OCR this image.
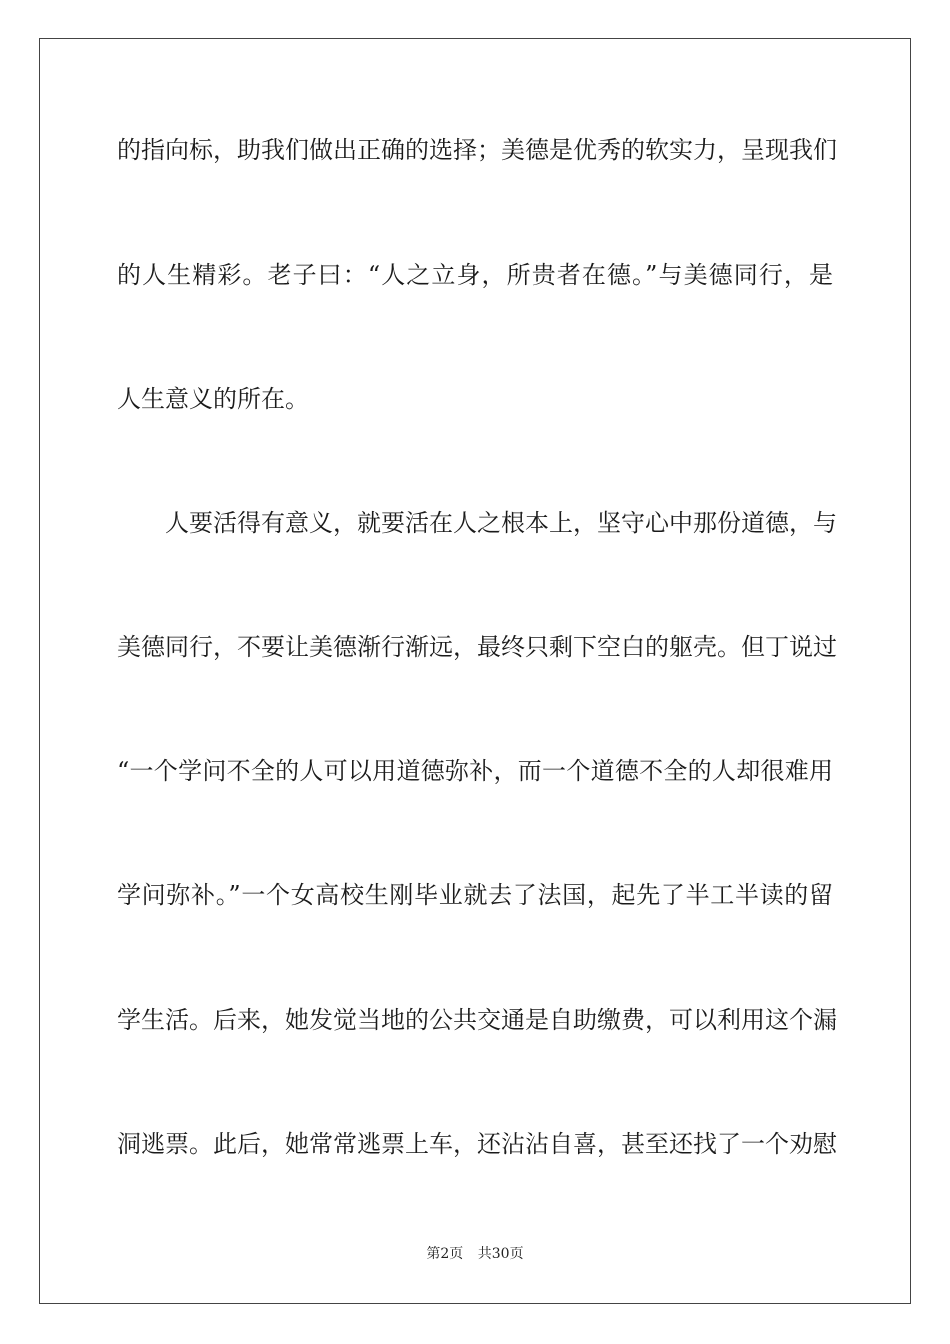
的指向标，助我们做出正确的选择；美德是优秀的软实力，呈现我们
的人生精彩。老子曰：“人之立身，所贵者在德。”与美德同行，是
人生意义的所在。
人要活得有意义，就要活在人之根本上，坚守心中那份道德，与
美德同行，不要让美德渐行渐远，最终只剩下空白的躯壳。但丁说过
“一个学问不全的人可以用道德弥补，而一个道德不全的人却很难用
学问弥补。”一个女高校生刚毕业就去了法国，起先了半工半读的留
学生活。后来，她发觉当地的公共交通是自助缴费，可以利用这个漏
洞逃票。此后，她常常逃票上车，还沾沾自喜，甚至还找了一个劝慰
第2页 共30页
